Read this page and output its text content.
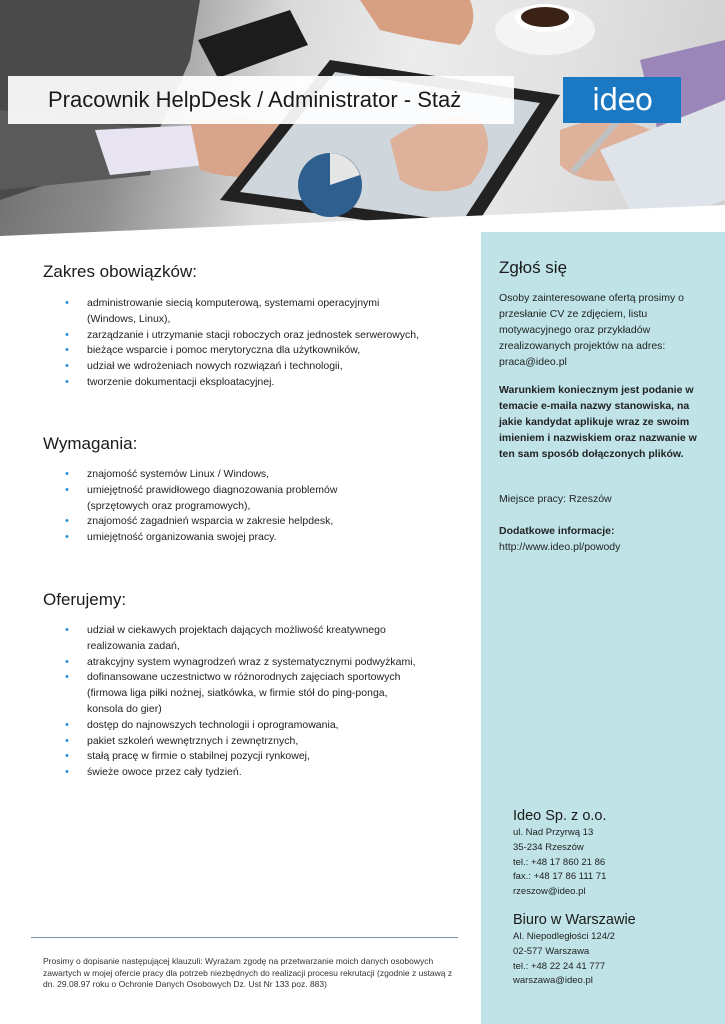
Pracownik HelpDesk / Administrator - Staż	ideo
Zakres obowiązków:
• administrowanie siecią komputerową, systemami operacyjnymi
(Windows, Linux),
• zarządzanie i utrzymanie stacji roboczych oraz jednostek serwerowych,
• bieżące wsparcie i pomoc merytoryczna dla użytkowników,
• udział we wdrożeniach nowych rozwiązań i technologii,
• tworzenie dokumentacji eksploatacyjnej.
Wymagania:
• znajomość systemów Linux / Windows,
• umiejętność prawidłowego diagnozowania problemów
(sprzętowych oraz programowych),
• znajomość zagadnień wsparcia w zakresie helpdesk,
• umiejętność organizowania swojej pracy.
Oferujemy:
• udział w ciekawych projektach dających możliwość kreatywnego
realizowania zadań,
• atrakcyjny system wynagrodzeń wraz z systematycznymi podwyżkami,
• dofinansowane uczestnictwo w różnorodnych zajęciach sportowych
(firmowa liga piłki nożnej, siatkówka, w firmie stół do ping-ponga,
konsola do gier)
• dostęp do najnowszych technologii i oprogramowania,
• pakiet szkoleń wewnętrznych i zewnętrznych,
• stałą pracę w firmie o stabilnej pozycji rynkowej,
• świeże owoce przez cały tydzień.
Prosimy o dopisanie następującej klauzuli: Wyrażam zgodę na przetwarzanie moich danych osobowych zawartych w mojej ofercie pracy dla potrzeb niezbędnych do realizacji procesu rekrutacji (zgodnie z ustawą z dn. 29.08.97 roku o Ochronie Danych Osobowych Dz. Ust Nr 133 poz. 883)
Zgłoś się
Osoby zainteresowane ofertą prosimy o przesłanie CV ze zdjęciem, listu motywacyjnego oraz przykładów zrealizowanych projektów na adres: praca@ideo.pl
Warunkiem koniecznym jest podanie w temacie e-maila nazwy stanowiska, na jakie kandydat aplikuje wraz ze swoim imieniem i nazwiskiem oraz nazwanie w ten sam sposób dołączonych plików.
Miejsce pracy: Rzeszów
Dodatkowe informacje:
http://www.ideo.pl/powody
Ideo Sp. z o.o.
ul. Nad Przyrwą 13
35-234 Rzeszów
tel.: +48 17 860 21 86
fax.: +48 17 86 111 71
rzeszow@ideo.pl
Biuro w Warszawie
Al. Niepodległości 124/2
02-577 Warszawa
tel.: +48 22 24 41 777
warszawa@ideo.pl
